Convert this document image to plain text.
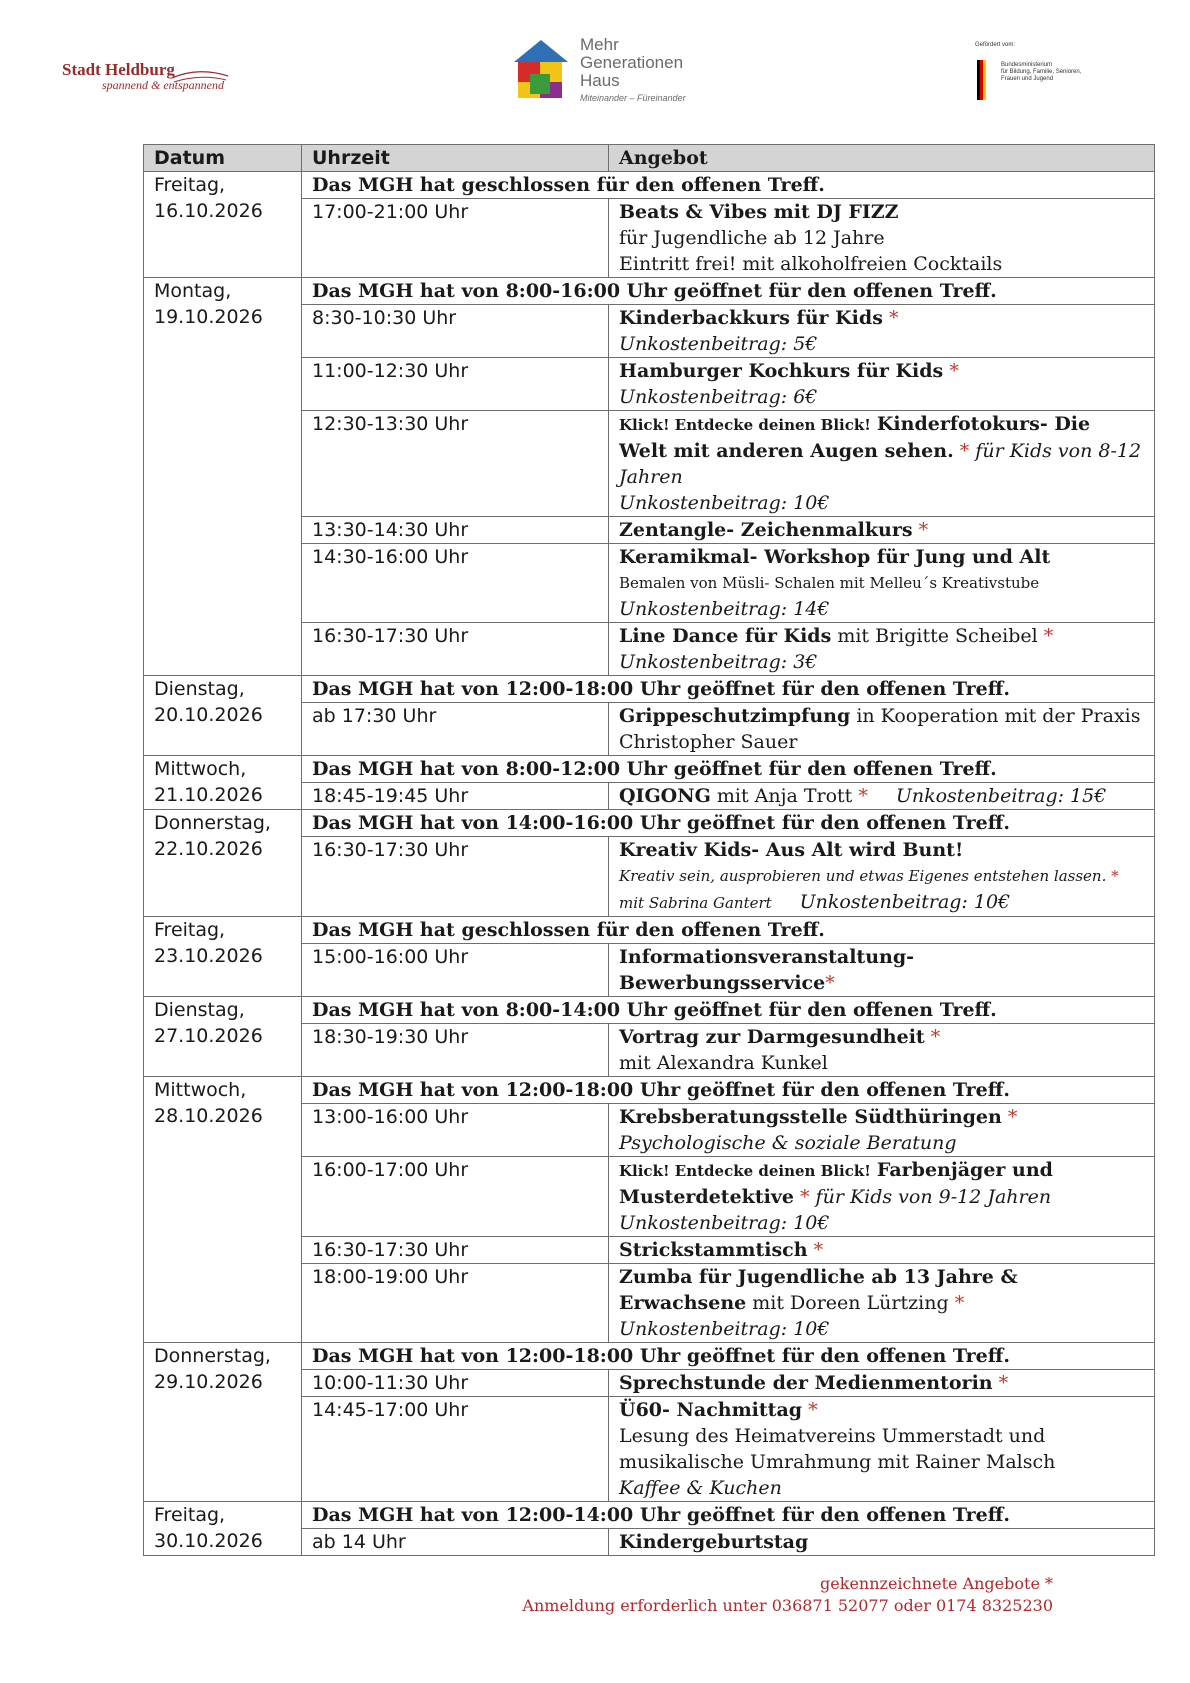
Stadt Heldburg
spannend & entspannend
Mehr
Generationen
Haus
Miteinander – Füreinander
Gefördert vom:
Bundesministerium
für Bildung, Familie, Senioren,
Frauen und Jugend
Datum	Uhrzeit	Angebot

Freitag,
16.10.2026	Das MGH hat geschlossen für den offenen Treff.	
	17:00-21:00 Uhr	Beats & Vibes mit DJ FIZZ
für Jugendliche ab 12 Jahre
Eintritt frei! mit alkoholfreien Cocktails

Montag,
19.10.2026	Das MGH hat von 8:00-16:00 Uhr geöffnet für den offenen Treff.	
	8:30-10:30 Uhr	Kinderbackkurs für Kids *
Unkostenbeitrag: 5€

	11:00-12:30 Uhr	Hamburger Kochkurs für Kids *
Unkostenbeitrag: 6€

	12:30-13:30 Uhr	Klick! Entdecke deinen Blick! Kinderfotokurs- Die Welt mit anderen Augen sehen. * für Kids von 8-12 Jahren
Unkostenbeitrag: 10€

	13:30-14:30 Uhr	Zentangle- Zeichenmalkurs *

	14:30-16:00 Uhr	Keramikmal- Workshop für Jung und Alt
Bemalen von Müsli- Schalen mit Melleu´s Kreativstube
Unkostenbeitrag: 14€

	16:30-17:30 Uhr	Line Dance für Kids mit Brigitte Scheibel *
Unkostenbeitrag: 3€

Dienstag,
20.10.2026	Das MGH hat von 12:00-18:00 Uhr geöffnet für den offenen Treff.	
	ab 17:30 Uhr	Grippeschutzimpfung in Kooperation mit der Praxis Christopher Sauer

Mittwoch,
21.10.2026	Das MGH hat von 8:00-12:00 Uhr geöffnet für den offenen Treff.	
	18:45-19:45 Uhr	QIGONG mit Anja Trott * Unkostenbeitrag: 15€

Donnerstag,
22.10.2026	Das MGH hat von 14:00-16:00 Uhr geöffnet für den offenen Treff.	
	16:30-17:30 Uhr	Kreativ Kids- Aus Alt wird Bunt!
Kreativ sein, ausprobieren und etwas Eigenes entstehen lassen. *
mit Sabrina Gantert Unkostenbeitrag: 10€

Freitag,
23.10.2026	Das MGH hat geschlossen für den offenen Treff.	
	15:00-16:00 Uhr	Informationsveranstaltung-
Bewerbungsservice*

Dienstag,
27.10.2026	Das MGH hat von 8:00-14:00 Uhr geöffnet für den offenen Treff.	
	18:30-19:30 Uhr	Vortrag zur Darmgesundheit *
mit Alexandra Kunkel

Mittwoch,
28.10.2026	Das MGH hat von 12:00-18:00 Uhr geöffnet für den offenen Treff.	
	13:00-16:00 Uhr	Krebsberatungsstelle Südthüringen *
Psychologische & soziale Beratung

	16:00-17:00 Uhr	Klick! Entdecke deinen Blick! Farbenjäger und Musterdetektive * für Kids von 9-12 Jahren
Unkostenbeitrag: 10€

	16:30-17:30 Uhr	Strickstammtisch *

	18:00-19:00 Uhr	Zumba für Jugendliche ab 13 Jahre & Erwachsene mit Doreen Lürtzing *
Unkostenbeitrag: 10€

Donnerstag,
29.10.2026	Das MGH hat von 12:00-18:00 Uhr geöffnet für den offenen Treff.	
	10:00-11:30 Uhr	Sprechstunde der Medienmentorin *

	14:45-17:00 Uhr	Ü60- Nachmittag *
Lesung des Heimatvereins Ummerstadt und musikalische Umrahmung mit Rainer Malsch
Kaffee & Kuchen

Freitag,
30.10.2026	Das MGH hat von 12:00-14:00 Uhr geöffnet für den offenen Treff.	
	ab 14 Uhr	Kindergeburtstag
gekennzeichnete Angebote *
Anmeldung erforderlich unter 036871 52077 oder 0174 8325230
